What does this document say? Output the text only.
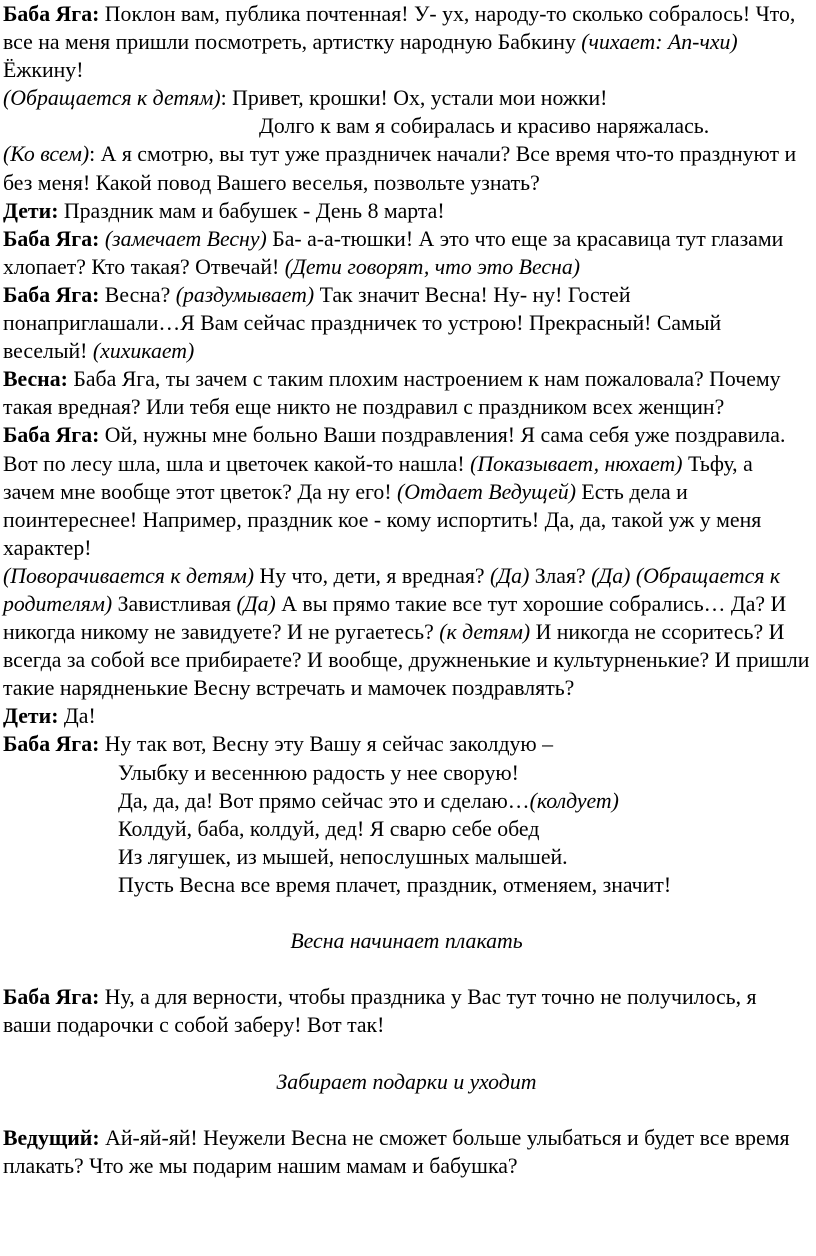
Баба Яга: Поклон вам, публика почтенная! У- ух, народу-то сколько собралось! Что, все на меня пришли посмотреть, артистку народную Бабкину (чихает: Ап-чхи) Ёжкину!
(Обращается к детям): Привет, крошки! Ох, устали мои ножки!
Долго к вам я собиралась и красиво наряжалась.
(Ко всем): А я смотрю, вы тут уже праздничек начали? Все время что-то празднуют и без меня! Какой повод Вашего веселья, позвольте узнать?
Дети: Праздник мам и бабушек - День 8 марта!
Баба Яга: (замечает Весну) Ба- а-а-тюшки! А это что еще за красавица тут глазами хлопает? Кто такая? Отвечай! (Дети говорят, что это Весна)
Баба Яга: Весна? (раздумывает) Так значит Весна! Ну- ну! Гостей понаприглашали…Я Вам сейчас праздничек то устрою! Прекрасный! Самый веселый! (хихикает)
Весна: Баба Яга, ты зачем с таким плохим настроением к нам пожаловала? Почему такая вредная? Или тебя еще никто не поздравил с праздником всех женщин?
Баба Яга: Ой, нужны мне больно Ваши поздравления! Я сама себя уже поздравила. Вот по лесу шла, шла и цветочек какой-то нашла! (Показывает, нюхает) Тьфу, а зачем мне вообще этот цветок? Да ну его! (Отдает Ведущей) Есть дела и поинтереснее! Например, праздник кое - кому испортить! Да, да, такой уж у меня характер!
(Поворачивается к детям) Ну что, дети, я вредная? (Да) Злая? (Да) (Обращается к родителям) Завистливая (Да) А вы прямо такие все тут хорошие собрались… Да? И никогда никому не завидуете? И не ругаетесь? (к детям) И никогда не ссоритесь? И всегда за собой все прибираете? И вообще, дружненькие и культурненькие? И пришли такие нарядненькие Весну встречать и мамочек поздравлять?
Дети: Да!
Баба Яга: Ну так вот, Весну эту Вашу я сейчас заколдую –
Улыбку и весеннюю радость у нее сворую!
Да, да, да! Вот прямо сейчас это и сделаю…(колдует)
Колдуй, баба, колдуй, дед! Я сварю себе обед
Из лягушек, из мышей, непослушных малышей.
Пусть Весна все время плачет, праздник, отменяем, значит!
Весна начинает плакать
Баба Яга: Ну, а для верности, чтобы праздника у Вас тут точно не получилось, я ваши подарочки с собой заберу! Вот так!
Забирает подарки и уходит
Ведущий: Ай-яй-яй! Неужели Весна не сможет больше улыбаться и будет все время плакать? Что же мы подарим нашим мамам и бабушка?
